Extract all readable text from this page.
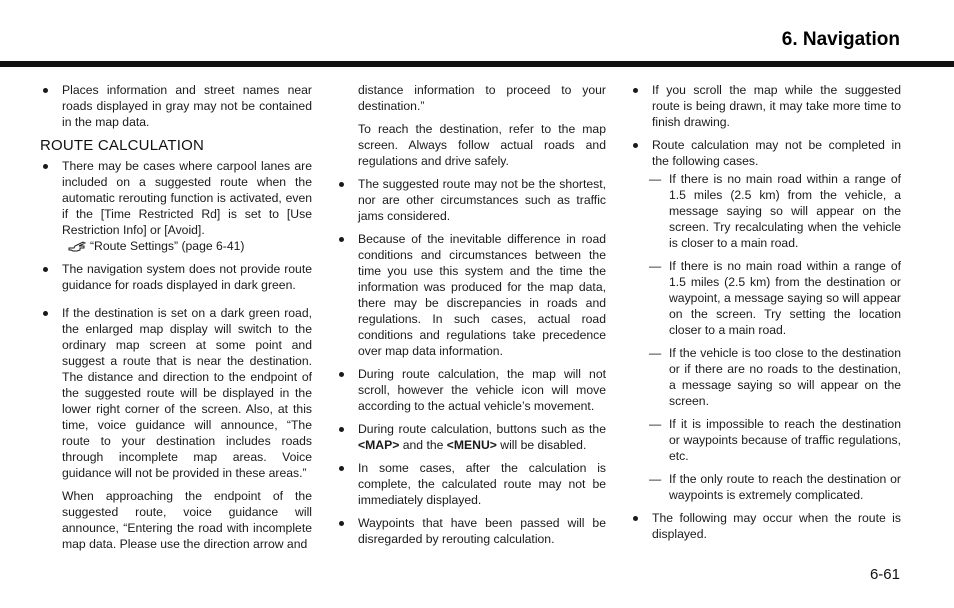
6. Navigation
Places information and street names near roads displayed in gray may not be contained in the map data.
ROUTE CALCULATION
There may be cases where carpool lanes are included on a suggested route when the automatic rerouting function is activated, even if the [Time Restricted Rd] is set to [Use Restriction Info] or [Avoid].
“Route Settings” (page 6-41)
The navigation system does not provide route guidance for roads displayed in dark green.
If the destination is set on a dark green road, the enlarged map display will switch to the ordinary map screen at some point and suggest a route that is near the destination. The distance and direction to the endpoint of the suggested route will be displayed in the lower right corner of the screen. Also, at this time, voice guidance will announce, “The route to your destination includes roads through incomplete map areas. Voice guidance will not be provided in these areas.”
When approaching the endpoint of the suggested route, voice guidance will announce, “Entering the road with incomplete map data. Please use the direction arrow and
distance information to proceed to your destination.”
To reach the destination, refer to the map screen. Always follow actual roads and regulations and drive safely.
The suggested route may not be the shortest, nor are other circumstances such as traffic jams considered.
Because of the inevitable difference in road conditions and circumstances between the time you use this system and the time the information was produced for the map data, there may be discrepancies in roads and regulations. In such cases, actual road conditions and regulations take precedence over map data information.
During route calculation, the map will not scroll, however the vehicle icon will move according to the actual vehicle’s movement.
During route calculation, buttons such as the <MAP> and the <MENU> will be disabled.
In some cases, after the calculation is complete, the calculated route may not be immediately displayed.
Waypoints that have been passed will be disregarded by rerouting calculation.
If you scroll the map while the suggested route is being drawn, it may take more time to finish drawing.
Route calculation may not be completed in the following cases.
— If there is no main road within a range of 1.5 miles (2.5 km) from the vehicle, a message saying so will appear on the screen. Try recalculating when the vehicle is closer to a main road.
— If there is no main road within a range of 1.5 miles (2.5 km) from the destination or waypoint, a message saying so will appear on the screen. Try setting the location closer to a main road.
— If the vehicle is too close to the destination or if there are no roads to the destination, a message saying so will appear on the screen.
— If it is impossible to reach the destination or waypoints because of traffic regulations, etc.
— If the only route to reach the destination or waypoints is extremely complicated.
The following may occur when the route is displayed.
6-61
